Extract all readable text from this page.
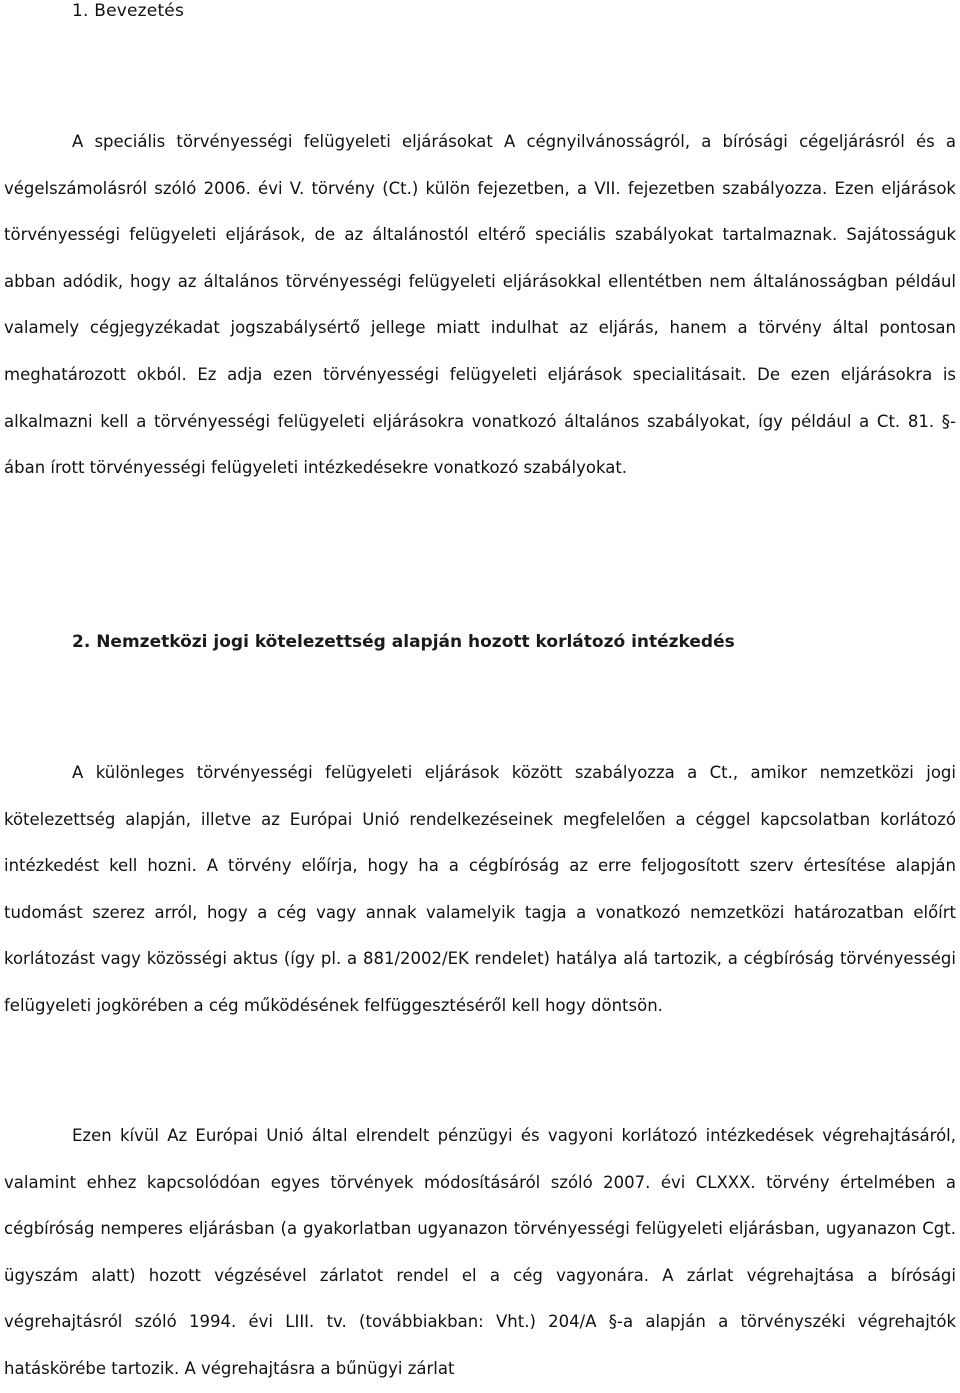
1. Bevezetés

A speciális törvényességi felügyeleti eljárásokat A cégnyilvánosságról, a bírósági cégeljárásról és a végelszámolásról szóló 2006. évi V. törvény (Ct.) külön fejezetben, a VII. fejezetben szabályozza. Ezen eljárások törvényességi felügyeleti eljárások, de az általánostól eltérő speciális szabályokat tartalmaznak. Sajátosságuk abban adódik, hogy az általános törvényességi felügyeleti eljárásokkal ellentétben nem általánosságban például valamely cégjegyzékadat jogszabálysértő jellege miatt indulhat az eljárás, hanem a törvény által pontosan meghatározott okból. Ez adja ezen törvényességi felügyeleti eljárások specialitásait. De ezen eljárásokra is alkalmazni kell a törvényességi felügyeleti eljárásokra vonatkozó általános szabályokat, így például a Ct. 81. §-ában írott törvényességi felügyeleti intézkedésekre vonatkozó szabályokat.

2. Nemzetközi jogi kötelezettség alapján hozott korlátozó intézkedés

A különleges törvényességi felügyeleti eljárások között szabályozza a Ct., amikor nemzetközi jogi kötelezettség alapján, illetve az Európai Unió rendelkezéseinek megfelelően a céggel kapcsolatban korlátozó intézkedést kell hozni. A törvény előírja, hogy ha a cégbíróság az erre feljogosított szerv értesítése alapján tudomást szerez arról, hogy a cég vagy annak valamelyik tagja a vonatkozó nemzetközi határozatban előírt korlátozást vagy közösségi aktus (így pl. a 881/2002/EK rendelet) hatálya alá tartozik, a cégbíróság törvényességi felügyeleti jogkörében a cég működésének felfüggesztéséről kell hogy döntsön.

Ezen kívül Az Európai Unió által elrendelt pénzügyi és vagyoni korlátozó intézkedések végrehajtásáról, valamint ehhez kapcsolódóan egyes törvények módosításáról szóló 2007. évi CLXXX. törvény értelmében a cégbíróság nemperes eljárásban (a gyakorlatban ugyanazon törvényességi felügyeleti eljárásban, ugyanazon Cgt. ügyszám alatt) hozott végzésével zárlatot rendel el a cég vagyonára. A zárlat végrehajtása a bírósági végrehajtásról szóló 1994. évi LIII. tv. (továbbiakban: Vht.) 204/A §-a alapján a törvényszéki végrehajtók hatáskörébe tartozik. A végrehajtásra a bűnügyi zárlat
